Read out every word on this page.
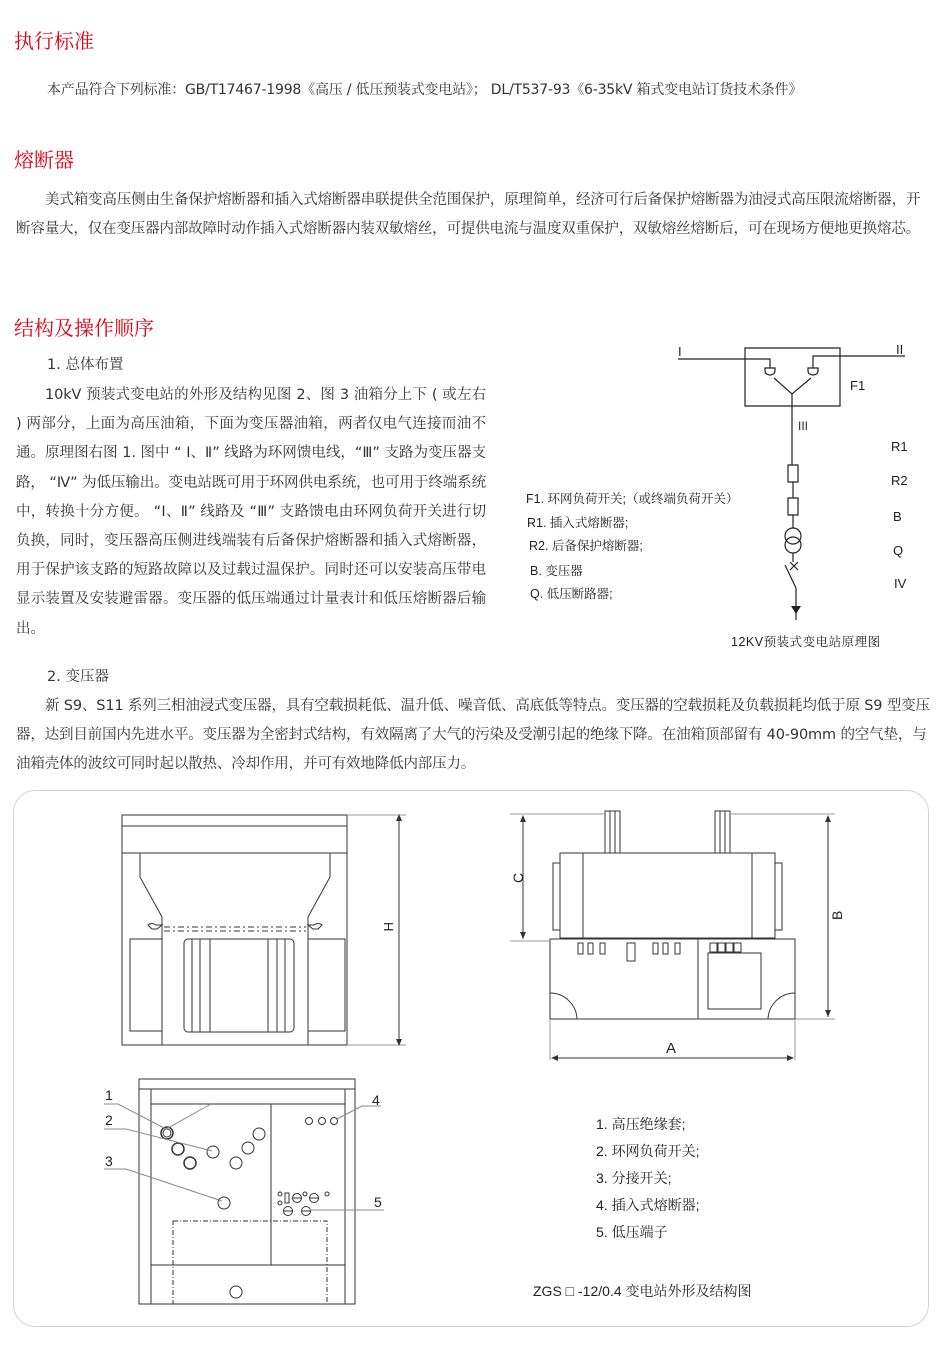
执行标准
本产品符合下列标准：GB/T17467-1998《高压 / 低压预装式变电站》； DL/T537-93《6-35kV 箱式变电站订货技术条件》
熔断器
美式箱变高压侧由生备保护熔断器和插入式熔断器串联提供全范围保护，原理简单，经济可行后备保护熔断器为油浸式高压限流熔断器，开断容量大，仅在变压器内部故障时动作插入式熔断器内装双敏熔丝，可提供电流与温度双重保护，双敏熔丝熔断后，可在现场方便地更换熔芯。
结构及操作顺序
1. 总体布置
10kV 预装式变电站的外形及结构见图 2、图 3 油箱分上下 ( 或左右 ) 两部分，上面为高压油箱，下面为变压器油箱，两者仅电气连接而油不通。原理图右图 1. 图中 “ Ⅰ、Ⅱ” 线路为环网馈电线，“Ⅲ” 支路为变压器支路， “Ⅳ” 为低压输出。变电站既可用于环网供电系统，也可用于终端系统中，转换十分方便。 “Ⅰ、Ⅱ” 线路及 “Ⅲ” 支路馈电由环网负荷开关进行切负换，同时，变压器高压侧进线端装有后备保护熔断器和插入式熔断器，用于保护该支路的短路故障以及过载过温保护。同时还可以安装高压带电显示装置及安装避雷器。变压器的低压端通过计量表计和低压熔断器后输出。
I	II
F1
III
R1
R2
B
Q
IV
F1. 环网负荷开关;（或终端负荷开关）
R1. 插入式熔断器;
R2. 后备保护熔断器;
B. 变压器
Q. 低压断路器;
12KV预装式变电站原理图
2. 变压器
新 S9、S11 系列三相油浸式变压器，具有空载损耗低、温升低、噪音低、高底低等特点。变压器的空载损耗及负载损耗均低于原 S9 型变压器，达到目前国内先进水平。变压器为全密封式结构，有效隔离了大气的污染及受潮引起的绝缘下降。在油箱顶部留有 40-90mm 的空气垫，与油箱壳体的波纹可同时起以散热、冷却作用，并可有效地降低内部压力。
H
C
B
A
1
2
3
4
5
1. 高压绝缘套;
2. 环网负荷开关;
3. 分接开关;
4. 插入式熔断器;
5. 低压端子
ZGS □ -12/0.4 变电站外形及结构图
